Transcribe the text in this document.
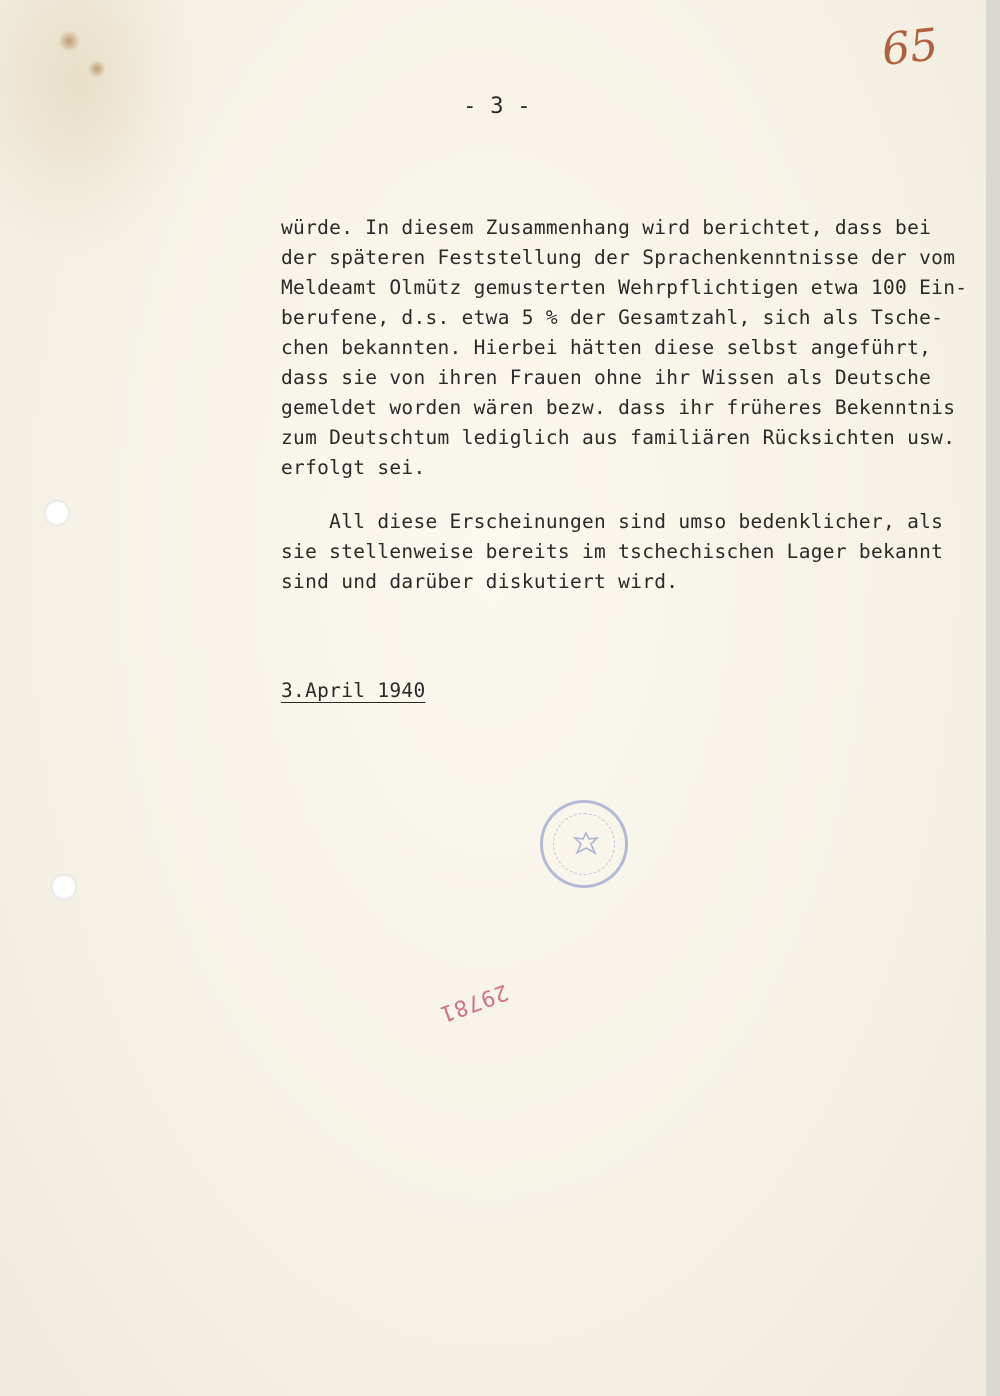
65
- 3 -

würde. In diesem Zusammenhang wird berichtet, dass bei
der späteren Feststellung der Sprachenkenntnisse der vom
Meldeamt Olmütz gemusterten Wehrpflichtigen etwa 100 Ein-
berufene, d.s. etwa 5 % der Gesamtzahl, sich als Tsche-
chen bekannten. Hierbei hätten diese selbst angeführt,
dass sie von ihren Frauen ohne ihr Wissen als Deutsche
gemeldet worden wären bezw. dass ihr früheres Bekenntnis
zum Deutschtum lediglich aus familiären Rücksichten usw.
erfolgt sei.

All diese Erscheinungen sind umso bedenklicher, als
sie stellenweise bereits im tschechischen Lager bekannt
sind und darüber diskutiert wird.

3.April 1940
29781
